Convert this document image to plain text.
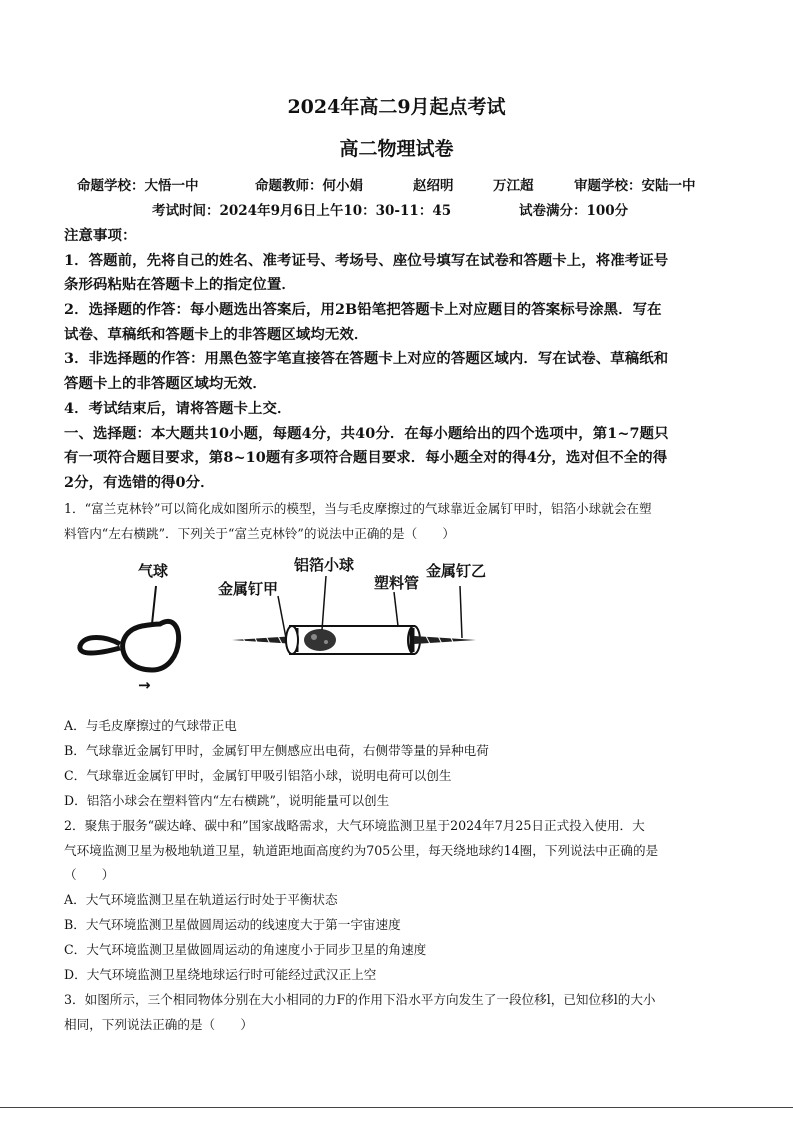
2024年高二9月起点考试
高二物理试卷
命题学校：大悟一中	命题教师：何小娟	赵绍明	万江超	审题学校：安陆一中
考试时间：2024年9月6日上午10：30-11：45	试卷满分：100分
注意事项：
1．答题前，先将自己的姓名、准考证号、考场号、座位号填写在试卷和答题卡上，将准考证号
条形码粘贴在答题卡上的指定位置．
2．选择题的作答：每小题选出答案后，用2B铅笔把答题卡上对应题目的答案标号涂黑．写在
试卷、草稿纸和答题卡上的非答题区域均无效．
3．非选择题的作答：用黑色签字笔直接答在答题卡上对应的答题区域内．写在试卷、草稿纸和
答题卡上的非答题区域均无效．
4．考试结束后，请将答题卡上交．
一、选择题：本大题共10小题，每题4分，共40分．在每小题给出的四个选项中，第1~7题只
有一项符合题目要求，第8~10题有多项符合题目要求．每小题全对的得4分，选对但不全的得
2分，有选错的得0分．
1．“富兰克林铃”可以简化成如图所示的模型，当与毛皮摩擦过的气球靠近金属钉甲时，铝箔小球就会在塑
料管内“左右横跳”．下列关于“富兰克林铃”的说法中正确的是（　　）
气球
→
金属钉甲	塑料管
铝箔小球	金属钉乙
A．与毛皮摩擦过的气球带正电
B．气球靠近金属钉甲时，金属钉甲左侧感应出电荷，右侧带等量的异种电荷
C．气球靠近金属钉甲时，金属钉甲吸引铝箔小球，说明电荷可以创生
D．铝箔小球会在塑料管内“左右横跳”，说明能量可以创生
2．聚焦于服务“碳达峰、碳中和”国家战略需求，大气环境监测卫星于2024年7月25日正式投入使用．大
气环境监测卫星为极地轨道卫星，轨道距地面高度约为705公里，每天绕地球约14圈，下列说法中正确的是
（　　）
A．大气环境监测卫星在轨道运行时处于平衡状态
B．大气环境监测卫星做圆周运动的线速度大于第一宇宙速度
C．大气环境监测卫星做圆周运动的角速度小于同步卫星的角速度
D．大气环境监测卫星绕地球运行时可能经过武汉正上空
3．如图所示，三个相同物体分别在大小相同的力F的作用下沿水平方向发生了一段位移l，已知位移l的大小
相同，下列说法正确的是（　　）
